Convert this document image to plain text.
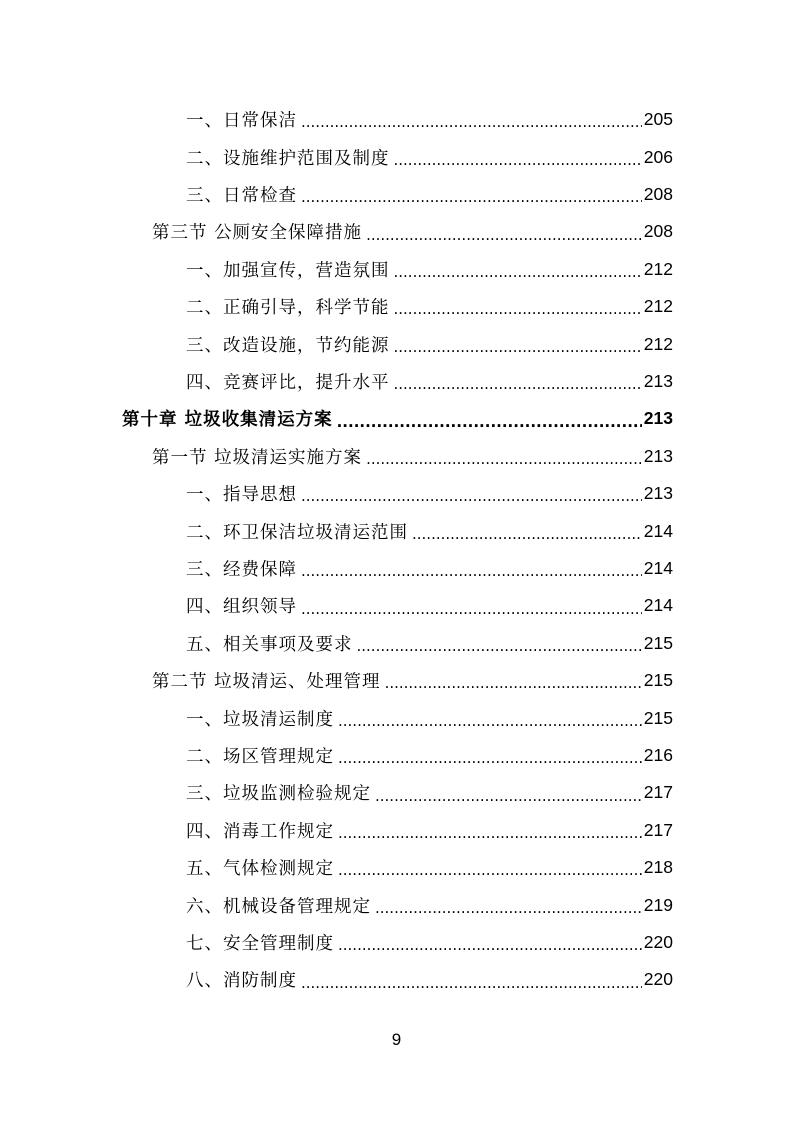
一、日常保洁 .....	205
二、设施维护范围及制度 .....	206
三、日常检查 .....	208
第三节 公厕安全保障措施 .....	208
一、加强宣传，营造氛围 .....	212
二、正确引导，科学节能 .....	212
三、改造设施，节约能源 .....	212
四、竞赛评比，提升水平 .....	213
第十章 垃圾收集清运方案 .....	213
第一节 垃圾清运实施方案 .....	213
一、指导思想 .....	213
二、环卫保洁垃圾清运范围 .....	214
三、经费保障 .....	214
四、组织领导 .....	214
五、相关事项及要求 .....	215
第二节 垃圾清运、处理管理 .....	215
一、垃圾清运制度 .....	215
二、场区管理规定 .....	216
三、垃圾监测检验规定 .....	217
四、消毒工作规定 .....	217
五、气体检测规定 .....	218
六、机械设备管理规定 .....	219
七、安全管理制度 .....	220
八、消防制度 .....	220
9
